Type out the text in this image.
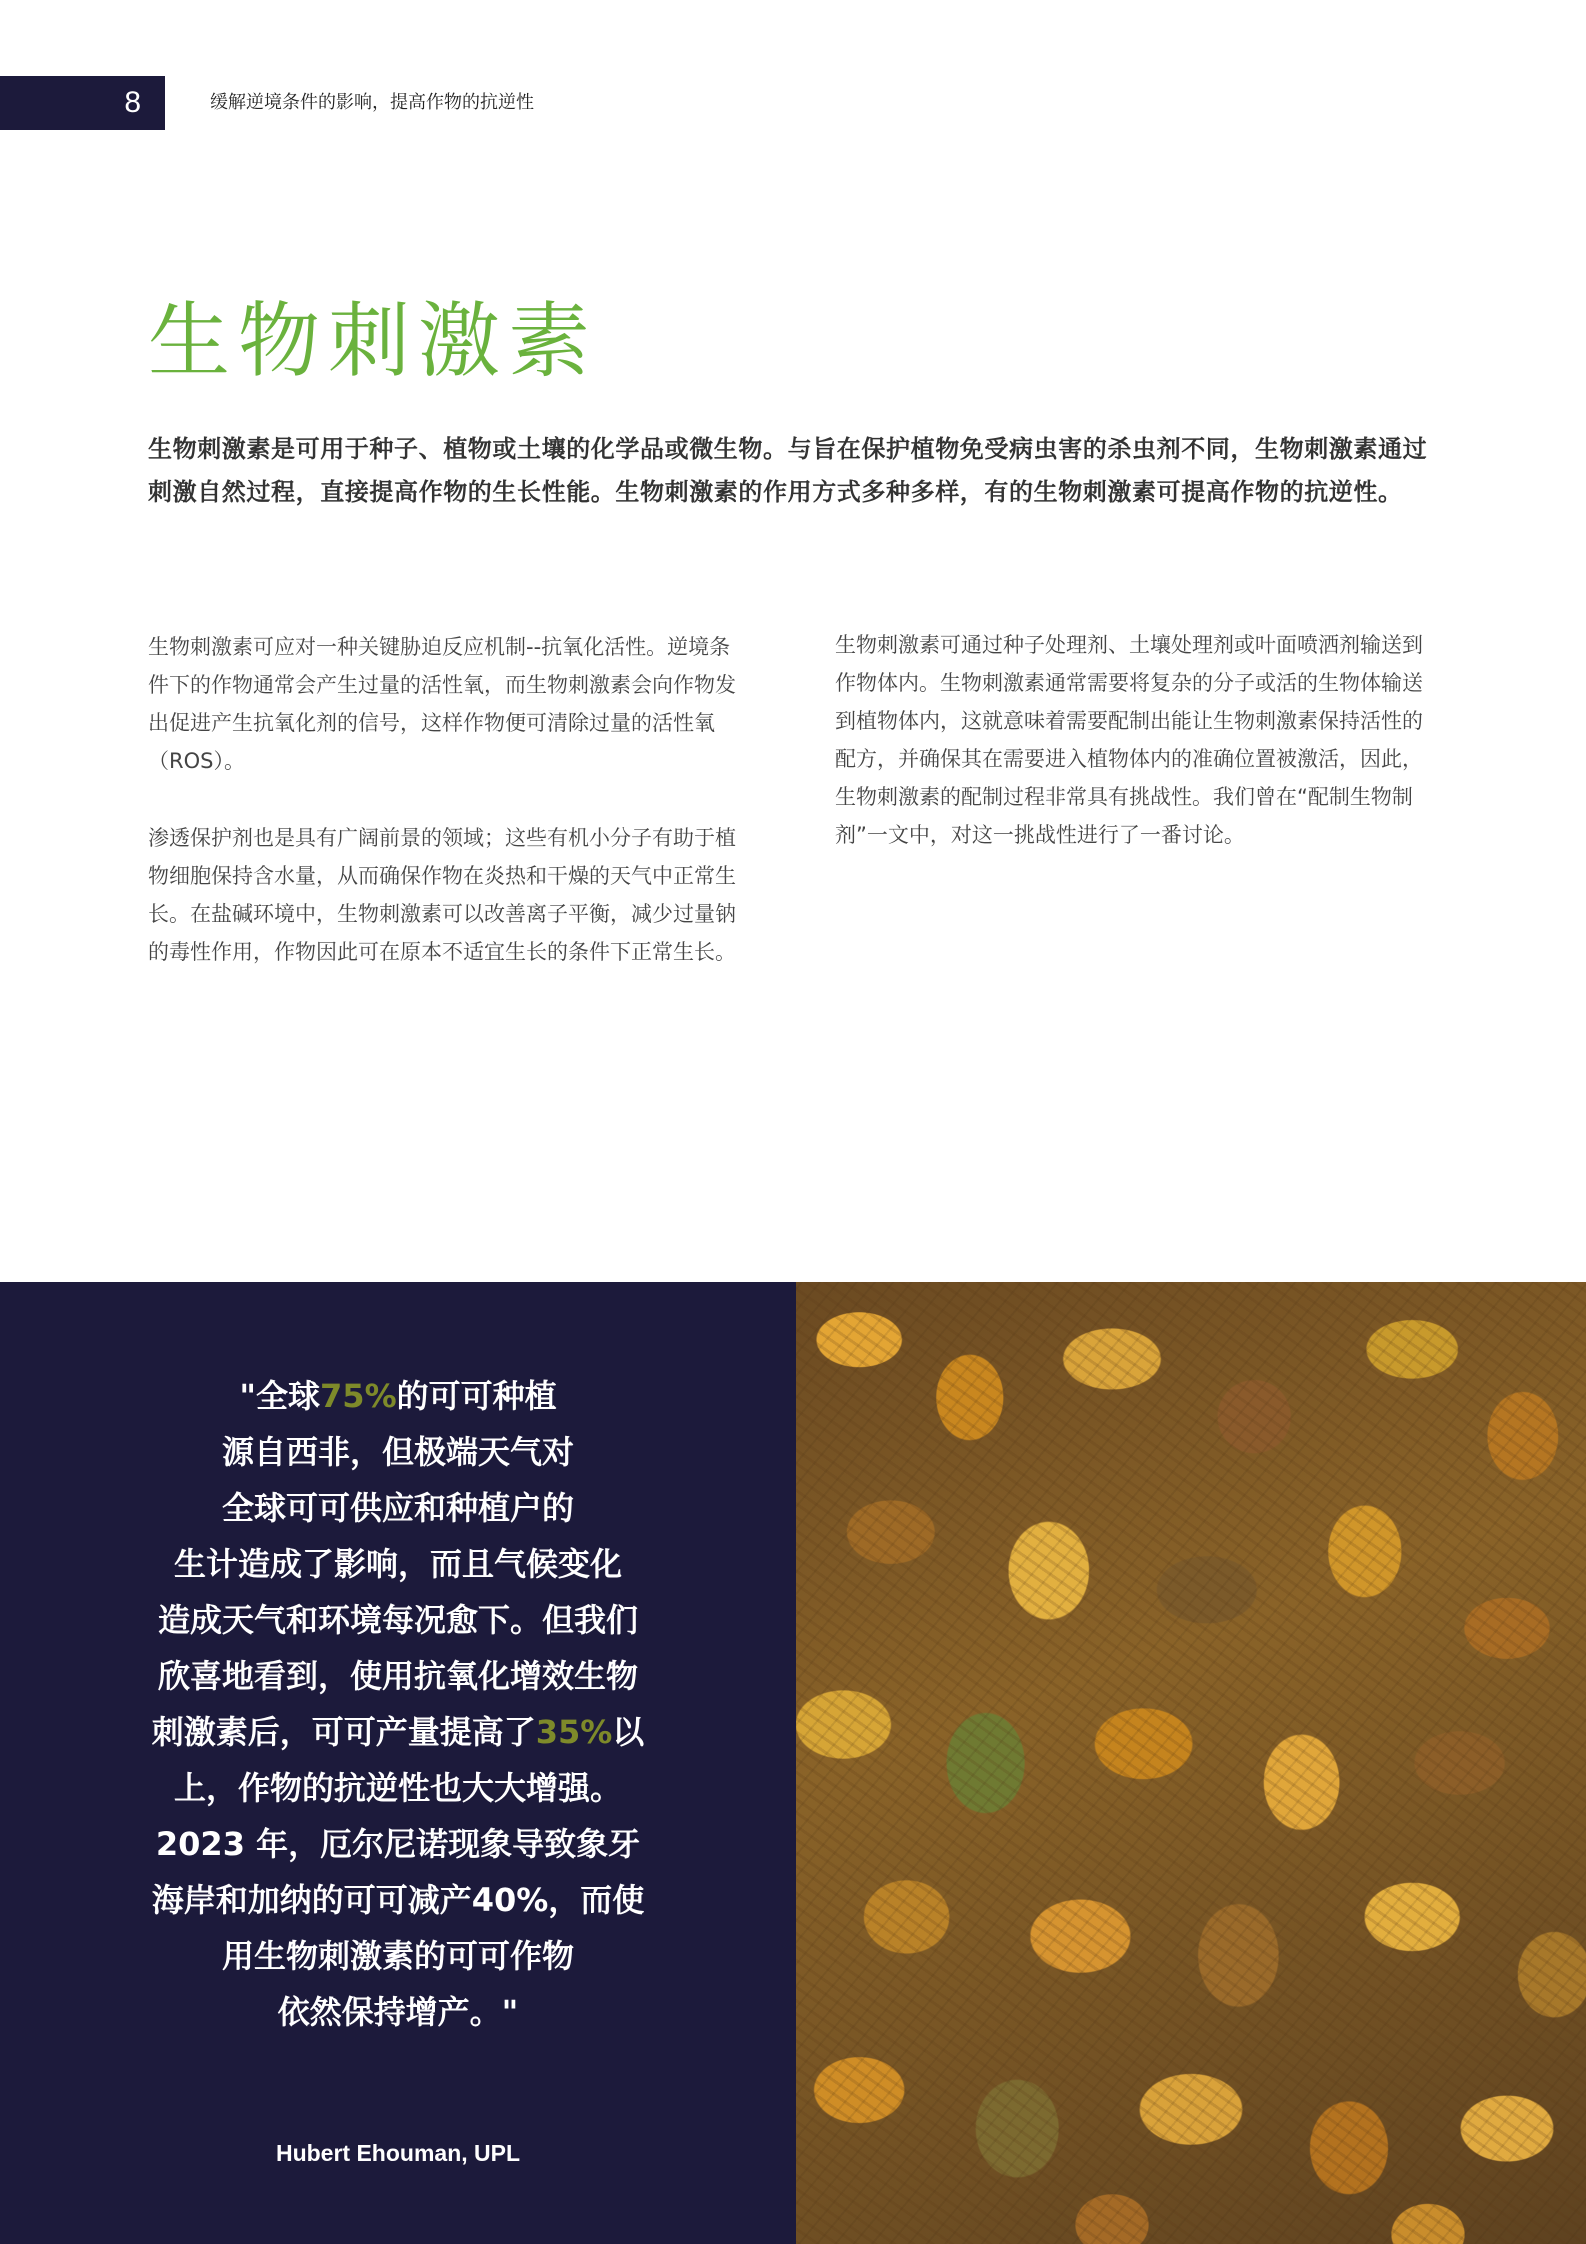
8	缓解逆境条件的影响，提高作物的抗逆性
生物刺激素
生物刺激素是可用于种子、植物或土壤的化学品或微生物。与旨在保护植物免受病虫害的杀虫剂不同，生物刺激素通过刺激自然过程，直接提高作物的生长性能。生物刺激素的作用方式多种多样，有的生物刺激素可提高作物的抗逆性。

生物刺激素可应对一种关键胁迫反应机制--抗氧化活性。逆境条件下的作物通常会产生过量的活性氧，而生物刺激素会向作物发出促进产生抗氧化剂的信号，这样作物便可清除过量的活性氧（ROS）。

渗透保护剂也是具有广阔前景的领域；这些有机小分子有助于植物细胞保持含水量，从而确保作物在炎热和干燥的天气中正常生长。在盐碱环境中，生物刺激素可以改善离子平衡，减少过量钠的毒性作用，作物因此可在原本不适宜生长的条件下正常生长。

生物刺激素可通过种子处理剂、土壤处理剂或叶面喷洒剂输送到作物体内。生物刺激素通常需要将复杂的分子或活的生物体输送到植物体内，这就意味着需要配制出能让生物刺激素保持活性的配方，并确保其在需要进入植物体内的准确位置被激活，因此，生物刺激素的配制过程非常具有挑战性。我们曾在“配制生物制剂”一文中，对这一挑战性进行了一番讨论。

"全球75%的可可种植
源自西非，但极端天气对
全球可可供应和种植户的
生计造成了影响，而且气候变化
造成天气和环境每况愈下。但我们
欣喜地看到，使用抗氧化增效生物
刺激素后，可可产量提高了35%以
上，作物的抗逆性也大大增强。
2023 年，厄尔尼诺现象导致象牙
海岸和加纳的可可减产40%，而使
用生物刺激素的可可作物
依然保持增产。"
Hubert Ehouman, UPL
